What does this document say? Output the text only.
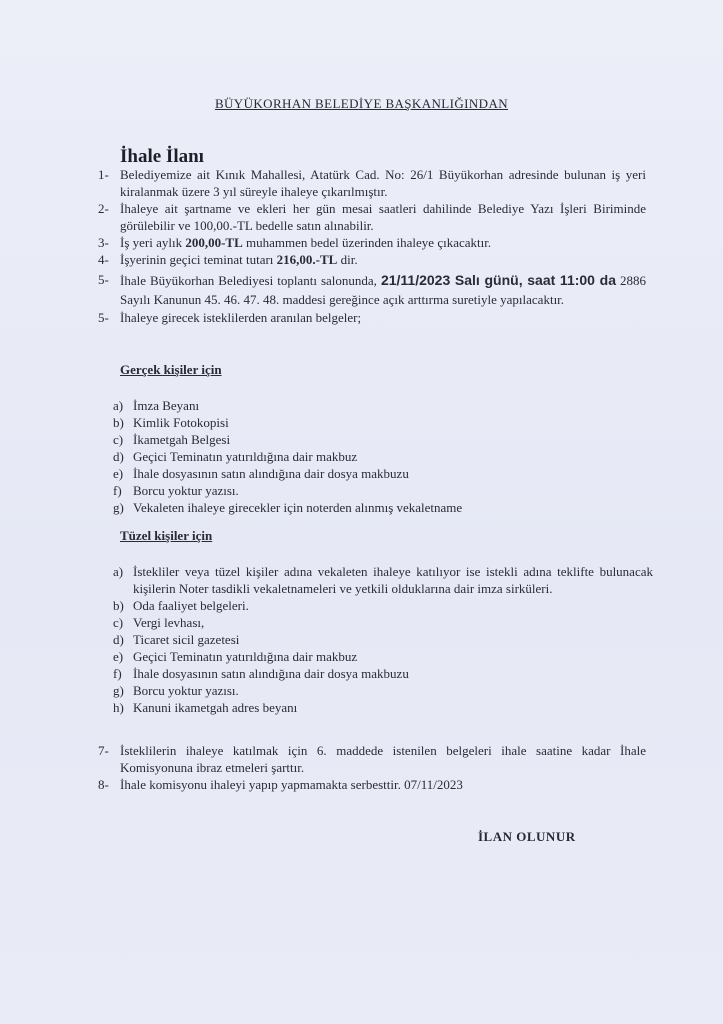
BÜYÜKORHAN BELEDİYE BAŞKANLIĞINDAN
İhale İlanı
1- Belediyemize ait Kınık Mahallesi, Atatürk Cad. No: 26/1 Büyükorhan adresinde bulunan iş yeri kiralanmak üzere 3 yıl süreyle ihaleye çıkarılmıştır.
2- İhaleye ait şartname ve ekleri her gün mesai saatleri dahilinde Belediye Yazı İşleri Biriminde görülebilir ve 100,00.-TL bedelle satın alınabilir.
3- İş yeri aylık 200,00-TL muhammen bedel üzerinden ihaleye çıkacaktır.
4- İşyerinin geçici teminat tutarı 216,00.-TL dir.
5- İhale Büyükorhan Belediyesi toplantı salonunda, 21/11/2023 Salı günü, saat 11:00 da 2886 Sayılı Kanunun 45. 46. 47. 48. maddesi gereğince açık arttırma suretiyle yapılacaktır.
5- İhaleye girecek isteklilerden aranılan belgeler;
Gerçek kişiler için
a) İmza Beyanı
b) Kimlik Fotokopisi
c) İkametgah Belgesi
d) Geçici Teminatın yatırıldığına dair makbuz
e) İhale dosyasının satın alındığına dair dosya makbuzu
f) Borcu yoktur yazısı.
g) Vekaleten ihaleye girecekler için noterden alınmış vekaletname
Tüzel kişiler için
a) İstekliler veya tüzel kişiler adına vekaleten ihaleye katılıyor ise istekli adına teklifte bulunacak kişilerin Noter tasdikli vekaletnameleri ve yetkili olduklarına dair imza sirküleri.
b) Oda faaliyet belgeleri.
c) Vergi levhası,
d) Ticaret sicil gazetesi
e) Geçici Teminatın yatırıldığına dair makbuz
f) İhale dosyasının satın alındığına dair dosya makbuzu
g) Borcu yoktur yazısı.
h) Kanuni ikametgah adres beyanı
7- İsteklilerin ihaleye katılmak için 6. maddede istenilen belgeleri ihale saatine kadar İhale Komisyonuna ibraz etmeleri şarttır.
8- İhale komisyonu ihaleyi yapıp yapmamakta serbesttir. 07/11/2023
İLAN OLUNUR
